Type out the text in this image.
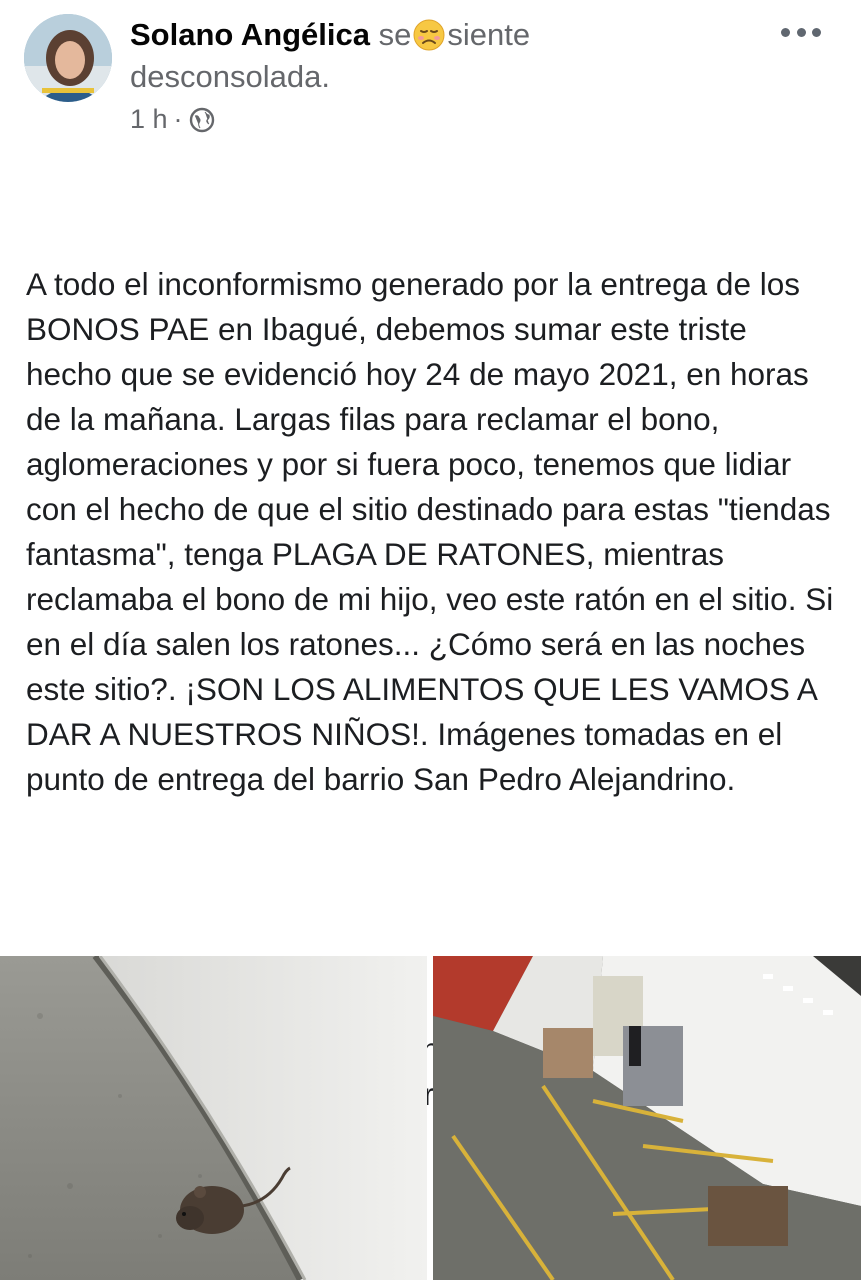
Solano Angélica se siente
desconsolada.
1 h ·

A todo el inconformismo generado por la entrega de los BONOS PAE en Ibagué, debemos sumar este triste hecho que se evidenció hoy 24 de mayo 2021, en horas de la mañana. Largas filas para reclamar el bono, aglomeraciones y por si fuera poco, tenemos que lidiar con el hecho de que el sitio destinado para estas "tiendas fantasma", tenga PLAGA DE RATONES, mientras reclamaba el bono de mi hijo, veo este ratón en el sitio. Si en el día salen los ratones... ¿Cómo será en las noches este sitio?. ¡SON LOS ALIMENTOS QUE LES VAMOS A DAR A NUESTROS NIÑOS!. Imágenes tomadas en el punto de entrega del barrio San Pedro Alejandrino.
